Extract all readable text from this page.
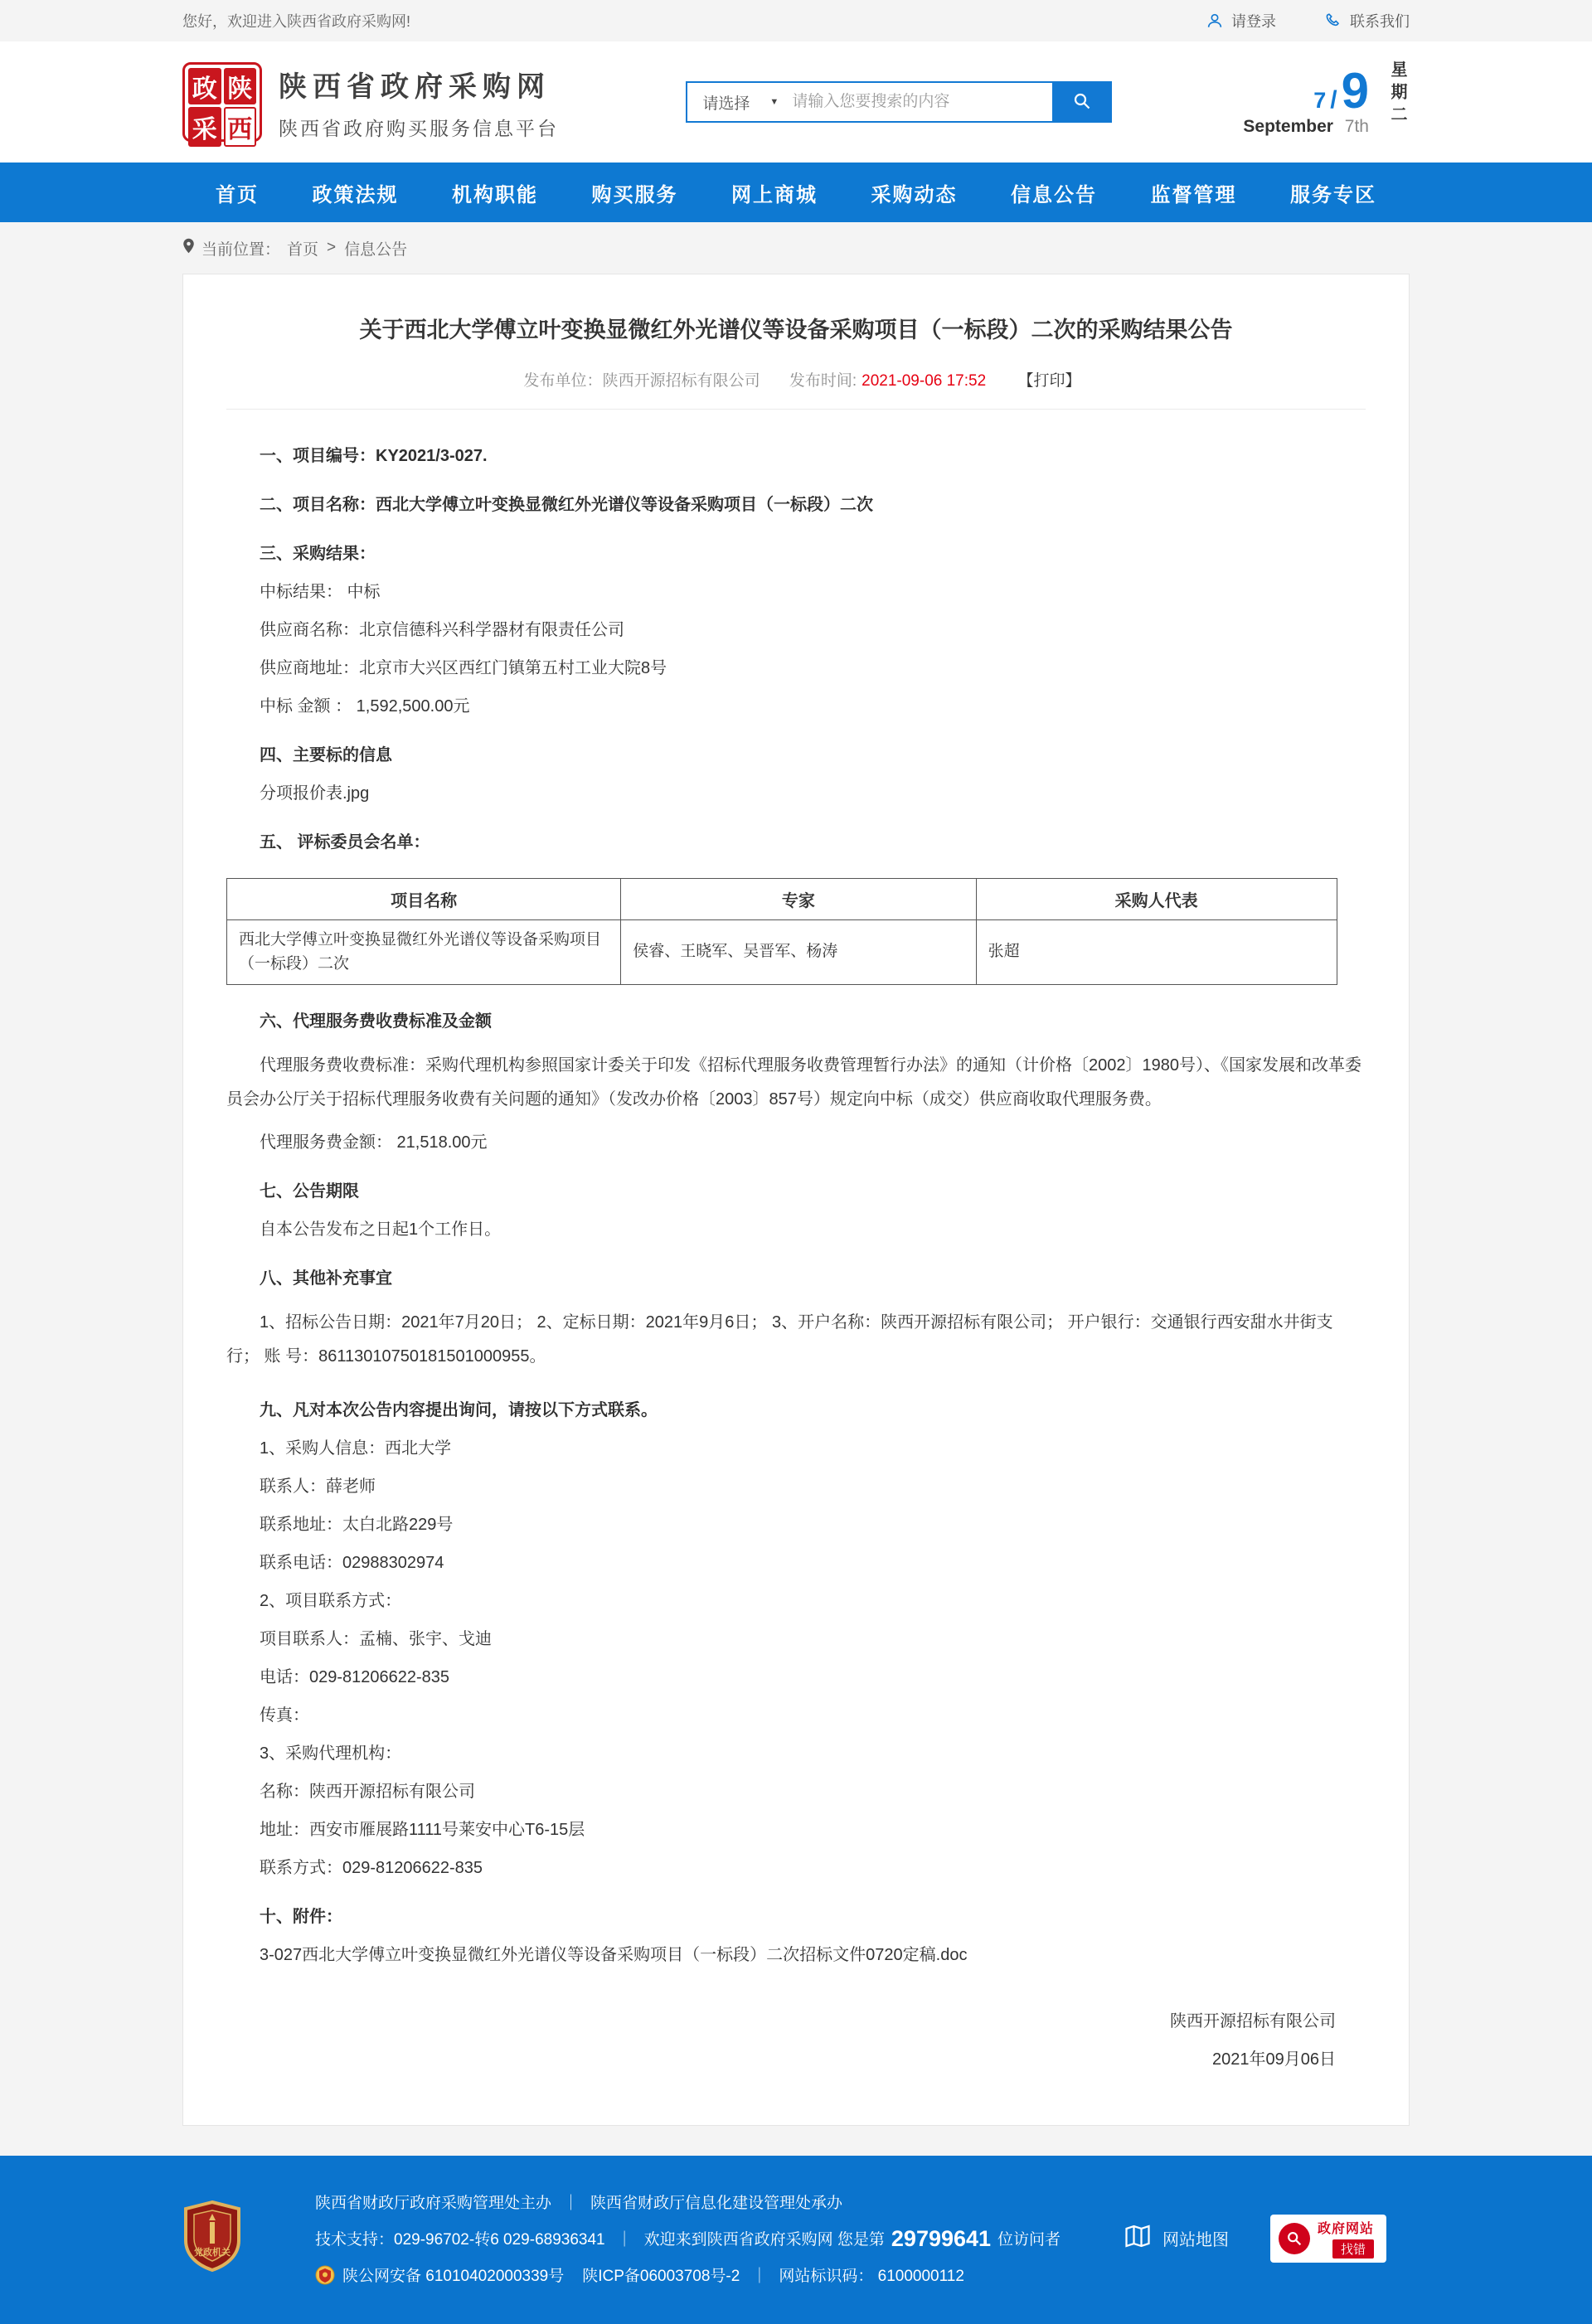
您好，欢迎进入陕西省政府采购网!	请登录	联系我们
政 陕
采 西
陕西省政府采购网
陕西省政府购买服务信息平台
请选择 ▼
请输入您要搜索的内容	7 / 9
September 7th 星期二
首页	政策法规	机构职能	购买服务	网上商城	采购动态	信息公告	监督管理	服务专区
当前位置： 首页 > 信息公告
关于西北大学傅立叶变换显微红外光谱仪等设备采购项目（一标段）二次的采购结果公告
发布单位：陕西开源招标有限公司 发布时间: 2021-09-06 17:52 【打印】

一、项目编号：KY2021/3-027.

二、项目名称：西北大学傅立叶变换显微红外光谱仪等设备采购项目（一标段）二次

三、采购结果：

中标结果： 中标

供应商名称：北京信德科兴科学器材有限责任公司

供应商地址：北京市大兴区西红门镇第五村工业大院8号

中标 金额 ： 1,592,500.00元

四、主要标的信息

分项报价表.jpg

五、 评标委员会名单：

项目名称	专家	采购人代表
西北大学傅立叶变换显微红外光谱仪等设备采购项目（一标段）二次	侯睿、王晓军、吴晋军、杨涛	张超

六、代理服务费收费标准及金额

代理服务费收费标准：采购代理机构参照国家计委关于印发《招标代理服务收费管理暂行办法》的通知（计价格〔2002〕1980号）、《国家发展和改革委员会办公厅关于招标代理服务收费有关问题的通知》（发改办价格〔2003〕857号）规定向中标（成交）供应商收取代理服务费。

代理服务费金额： 21,518.00元

七、公告期限

自本公告发布之日起1个工作日。

八、其他补充事宜

1、招标公告日期：2021年7月20日； 2、定标日期：2021年9月6日； 3、开户名称：陕西开源招标有限公司； 开户银行：交通银行西安甜水井街支行； 账 号：86113010750181501000955。

九、凡对本次公告内容提出询问，请按以下方式联系。

1、采购人信息：西北大学

联系人：薛老师

联系地址：太白北路229号

联系电话：02988302974

2、项目联系方式：

项目联系人：孟楠、张宇、戈迪

电话：029-81206622-835

传真：

3、采购代理机构：

名称：陕西开源招标有限公司

地址：西安市雁展路1111号莱安中心T6-15层

联系方式：029-81206622-835

十、附件：

3-027西北大学傅立叶变换显微红外光谱仪等设备采购项目（一标段）二次招标文件0720定稿.doc

陕西开源招标有限公司

2021年09月06日

党政机关
陕西省财政厅政府采购管理处主办 ｜ 陕西省财政厅信息化建设管理处承办
技术支持：029-96702-转6 029-68936341 ｜ 欢迎来到陕西省政府采购网 您是第 29799641 位访问者
陕公网安备 61010402000339号 陕ICP备06003708号-2 ｜ 网站标识码： 6100000112
网站地图
政府网站
找错
